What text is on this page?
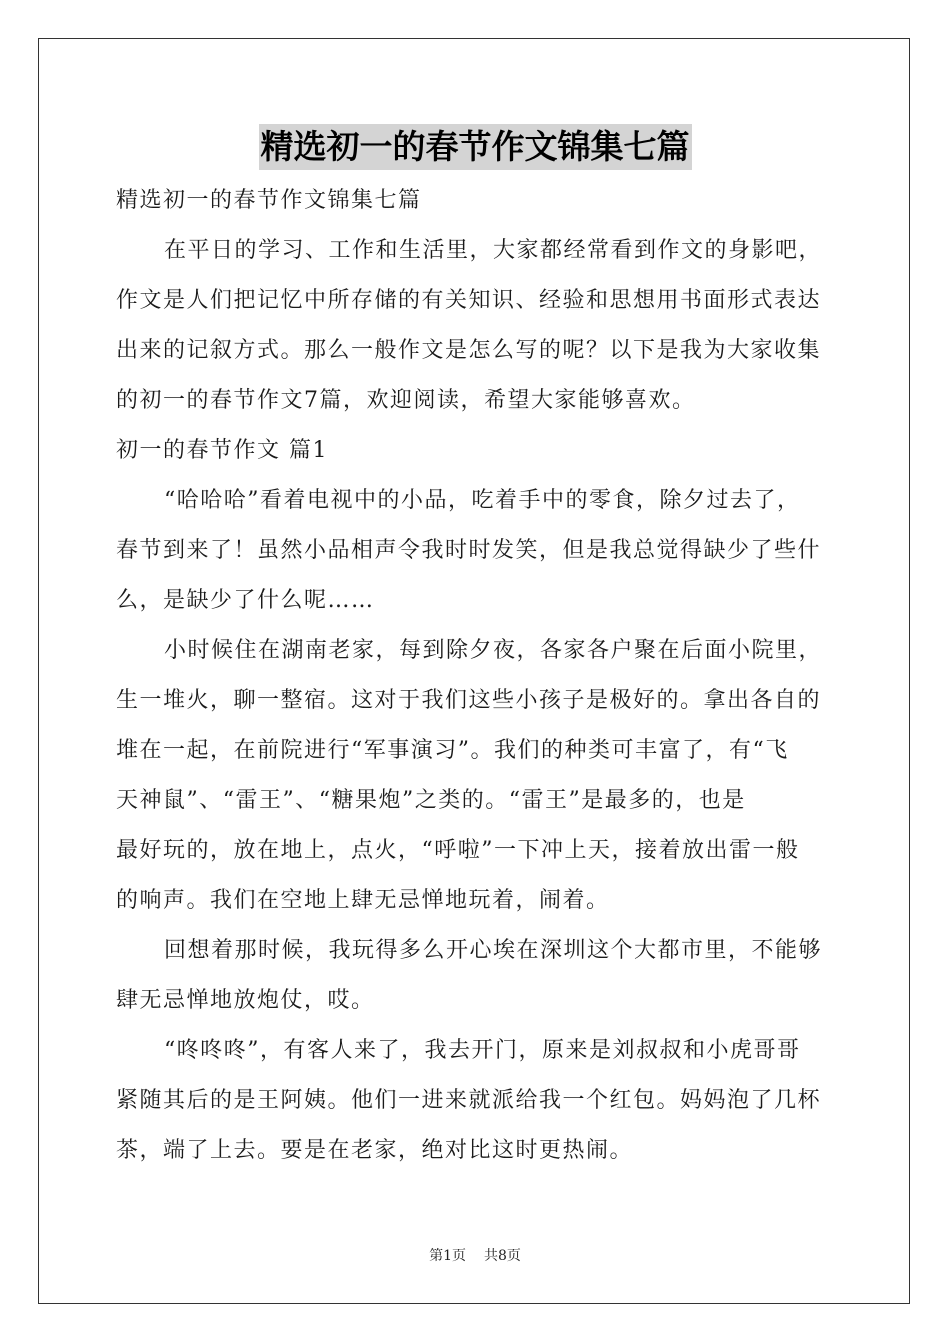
精选初一的春节作文锦集七篇
精选初一的春节作文锦集七篇
在平日的学习、工作和生活里，大家都经常看到作文的身影吧，
作文是人们把记忆中所存储的有关知识、经验和思想用书面形式表达
出来的记叙方式。那么一般作文是怎么写的呢？以下是我为大家收集
的初一的春节作文7篇，欢迎阅读，希望大家能够喜欢。
初一的春节作文 篇1
“哈哈哈”看着电视中的小品，吃着手中的零食，除夕过去了，
春节到来了！虽然小品相声令我时时发笑，但是我总觉得缺少了些什
么，是缺少了什么呢……
小时候住在湖南老家，每到除夕夜，各家各户聚在后面小院里，
生一堆火，聊一整宿。这对于我们这些小孩子是极好的。拿出各自的
堆在一起，在前院进行“军事演习”。我们的种类可丰富了，有“飞
天神鼠”、“雷王”、“糖果炮”之类的。“雷王”是最多的，也是
最好玩的，放在地上，点火，“呼啦”一下冲上天，接着放出雷一般
的响声。我们在空地上肆无忌惮地玩着，闹着。
回想着那时候，我玩得多么开心埃在深圳这个大都市里，不能够
肆无忌惮地放炮仗，哎。
“咚咚咚”，有客人来了，我去开门，原来是刘叔叔和小虎哥哥
紧随其后的是王阿姨。他们一进来就派给我一个红包。妈妈泡了几杯
茶，端了上去。要是在老家，绝对比这时更热闹。
第1页 共8页
